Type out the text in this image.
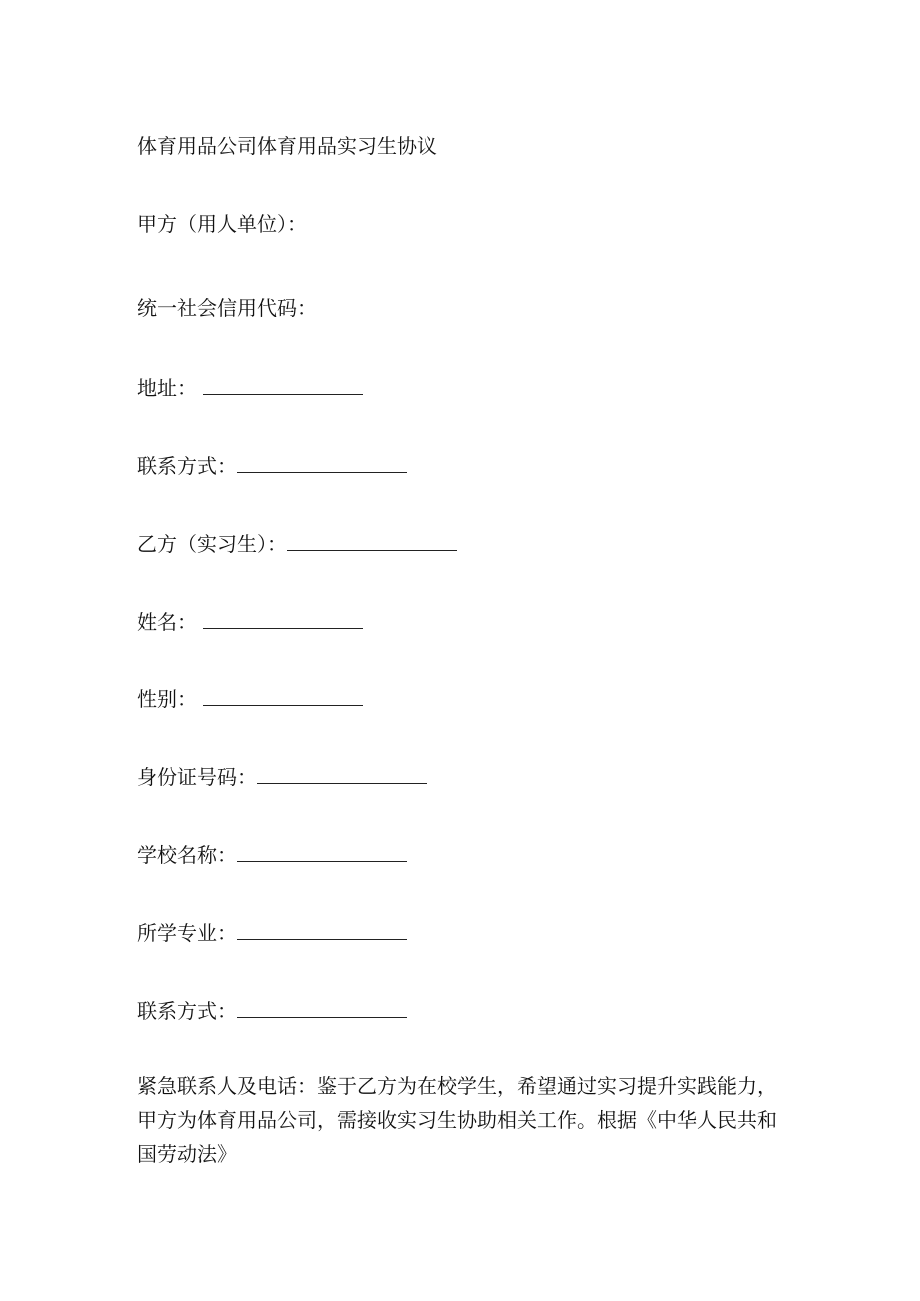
体育用品公司体育用品实习生协议
甲方（用人单位）：
统一社会信用代码：
地址：
联系方式：
乙方（实习生）：
姓名：
性别：
身份证号码：
学校名称：
所学专业：
联系方式：
紧急联系人及电话：鉴于乙方为在校学生，希望通过实习提升实践能力，
甲方为体育用品公司，需接收实习生协助相关工作。根据《中华人民共和
国劳动法》
